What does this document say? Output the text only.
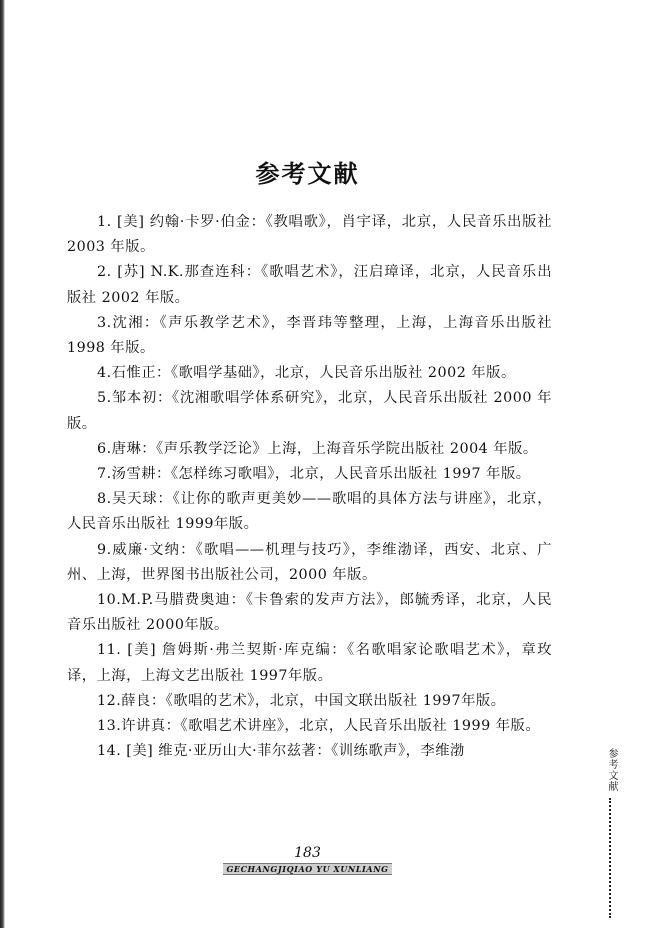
参考文献

1. [美] 约翰·卡罗·伯金：《教唱歌》，肖宇译，北京，人民音乐出版社 2003 年版。

2. [苏] N.K.那查连科：《歌唱艺术》，汪启璋译，北京，人民音乐出版社 2002 年版。

3.沈湘：《声乐教学艺术》，李晋玮等整理，上海，上海音乐出版社 1998 年版。

4.石惟正：《歌唱学基础》，北京，人民音乐出版社 2002 年版。

5.邹本初：《沈湘歌唱学体系研究》，北京，人民音乐出版社 2000 年版。

6.唐琳：《声乐教学泛论》上海，上海音乐学院出版社 2004 年版。

7.汤雪耕：《怎样练习歌唱》，北京，人民音乐出版社 1997 年版。

8.吴天球：《让你的歌声更美妙——歌唱的具体方法与讲座》，北京，人民音乐出版社 1999年版。

9.威廉·文纳：《歌唱——机理与技巧》，李维渤译，西安、北京、广州、上海，世界图书出版社公司，2000 年版。

10.M.P.马腊费奥迪：《卡鲁索的发声方法》，郎毓秀译，北京，人民音乐出版社 2000年版。

11. [美] 詹姆斯·弗兰契斯·库克编：《名歌唱家论歌唱艺术》，章玫译，上海，上海文艺出版社 1997年版。

12.薛良：《歌唱的艺术》，北京，中国文联出版社 1997年版。

13.许讲真：《歌唱艺术讲座》，北京，人民音乐出版社 1999 年版。

14. [美] 维克·亚历山大·菲尔兹著：《训练歌声》，李维渤

183
GECHANGJIQIAO YU XUNLIANG
参考文献
